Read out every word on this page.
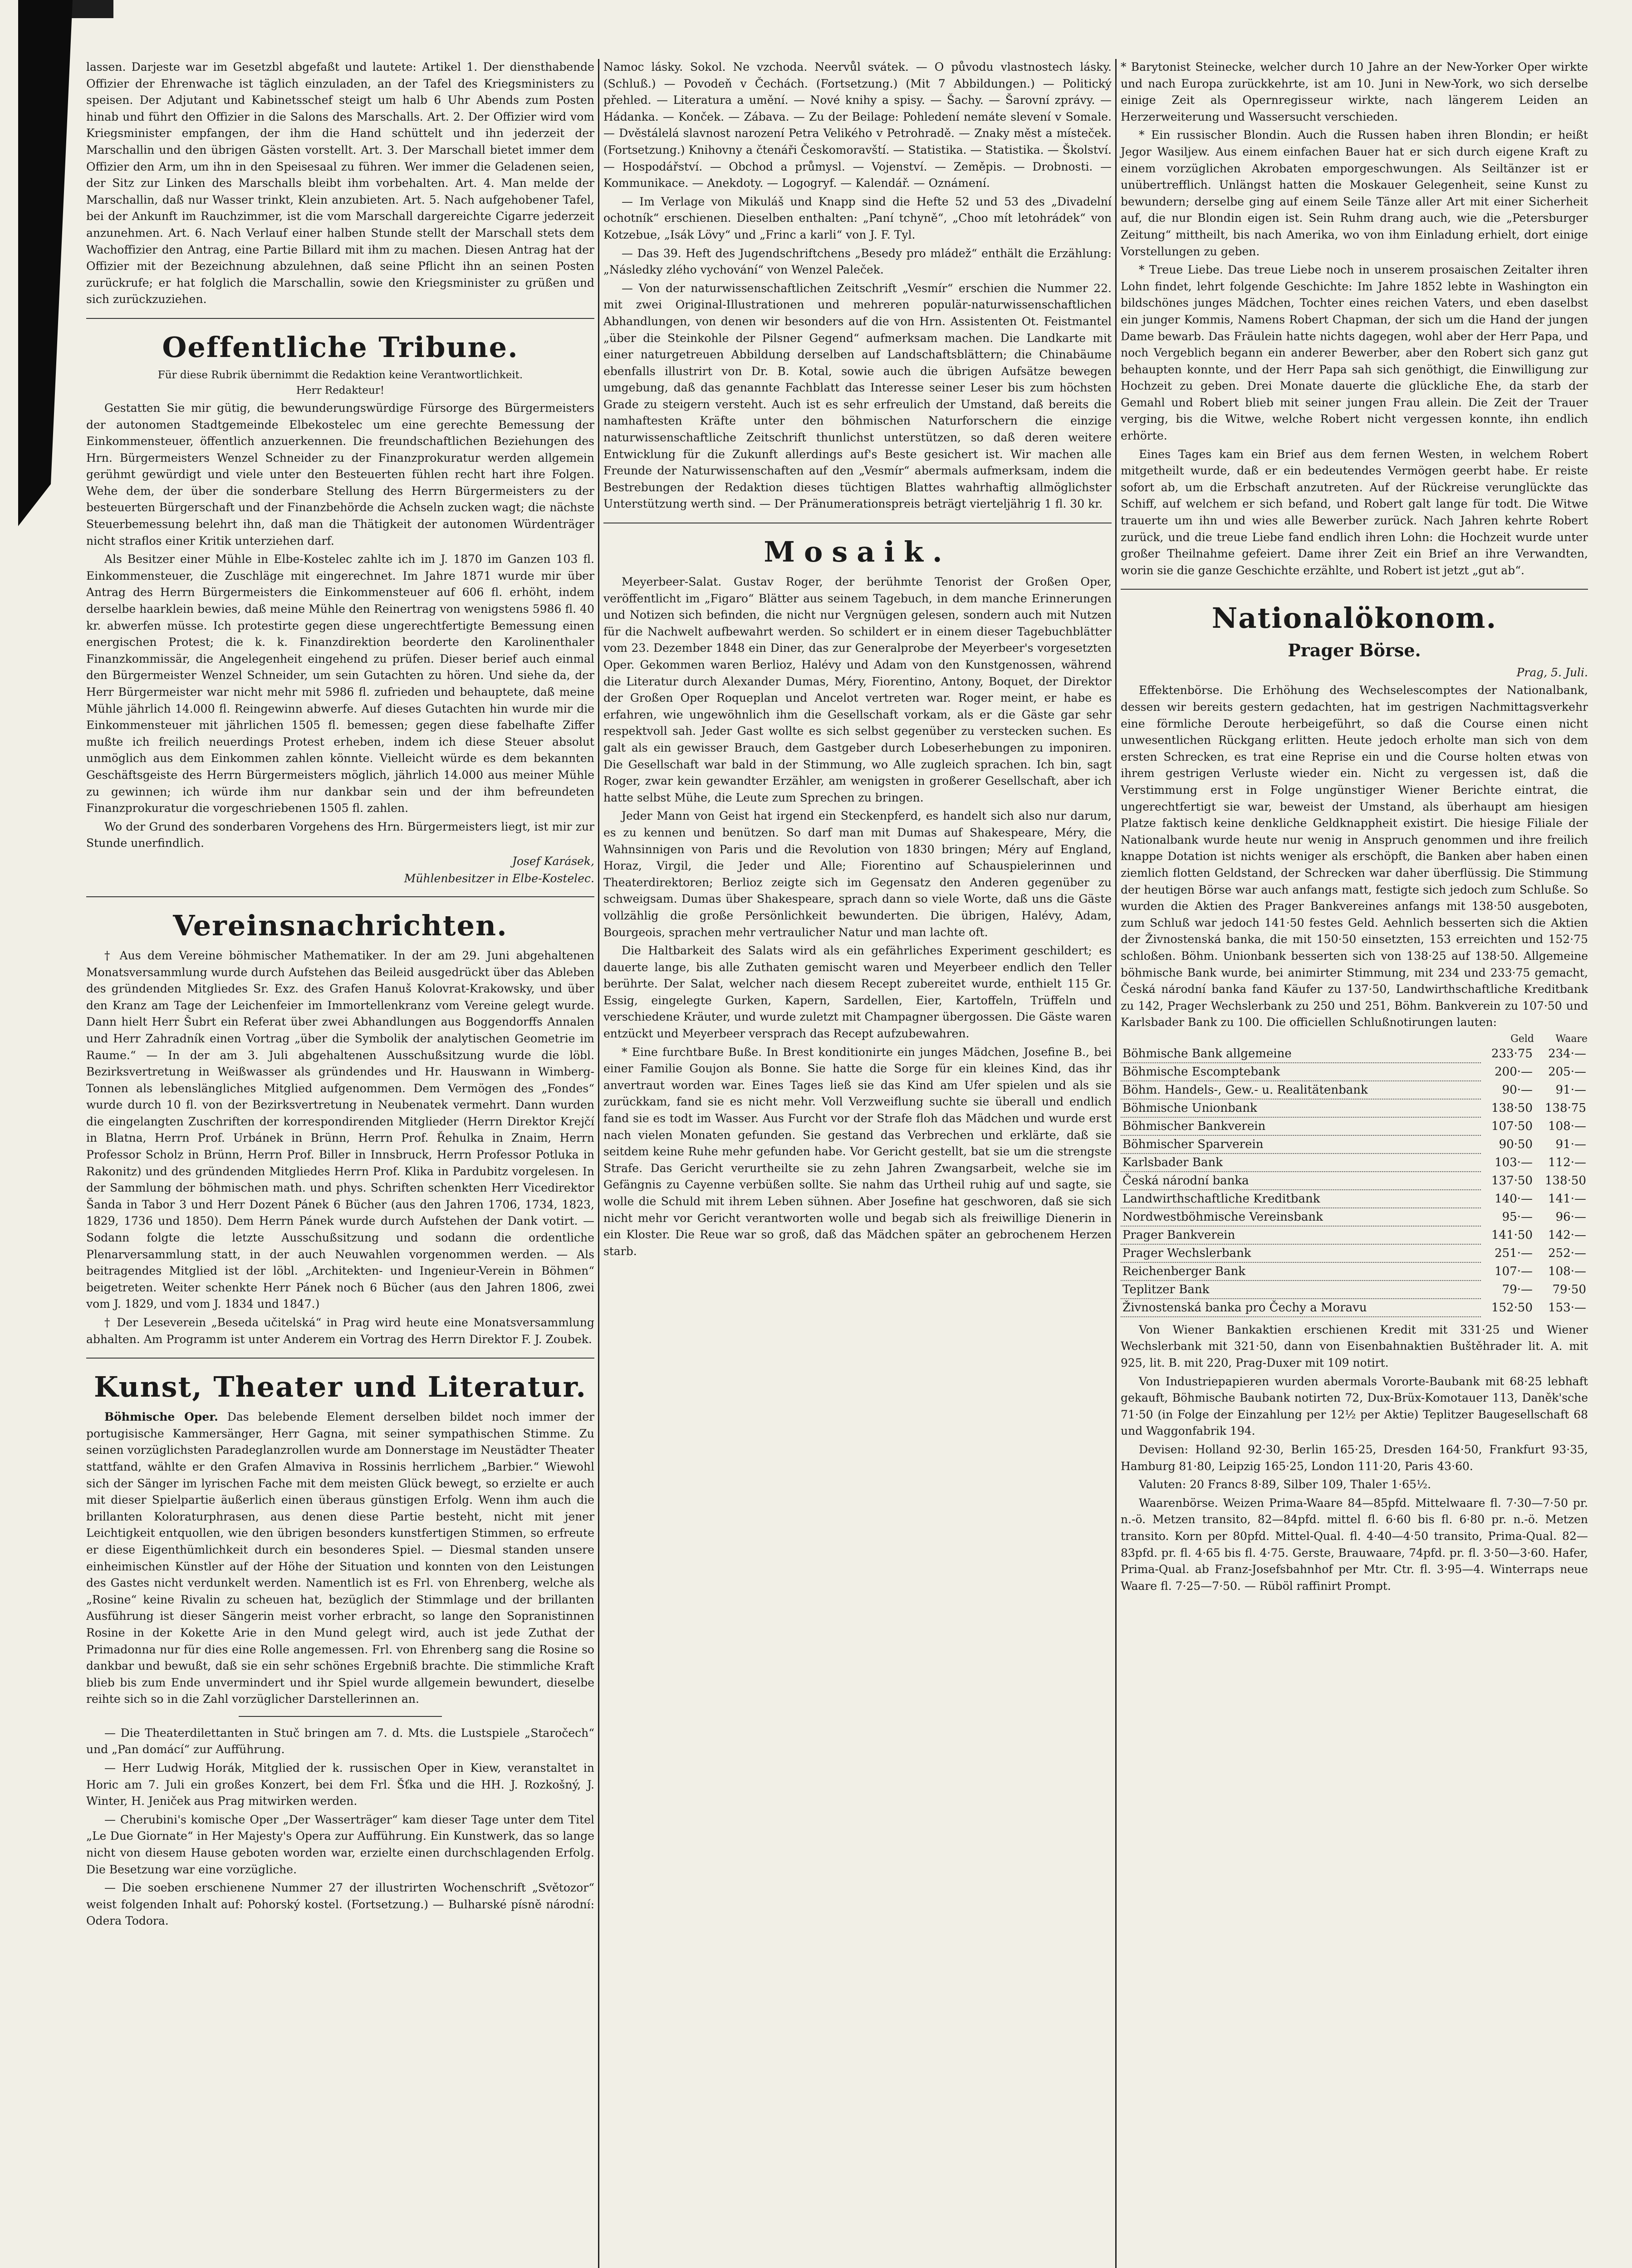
lassen. Darjeste war im Gesetzbl abgefaßt und lautete: Artikel 1. Der diensthabende Offizier der Ehrenwache ist täglich einzuladen, an der Tafel des Kriegsministers zu speisen. Der Adjutant und Kabinetsschef steigt um halb 6 Uhr Abends zum Posten hinab und führt den Offizier in die Salons des Marschalls. Art. 2. Der Offizier wird vom Kriegsminister empfangen, der ihm die Hand schüttelt und ihn jederzeit der Marschallin und den übrigen Gästen vorstellt. Art. 3. Der Marschall bietet immer dem Offizier den Arm, um ihn in den Speisesaal zu führen. Wer immer die Geladenen seien, der Sitz zur Linken des Marschalls bleibt ihm vorbehalten. Art. 4. Man melde der Marschallin, daß nur Wasser trinkt, Klein anzubieten. Art. 5. Nach aufgehobener Tafel, bei der Ankunft im Rauchzimmer, ist die vom Marschall dargereichte Cigarre jederzeit anzunehmen. Art. 6. Nach Verlauf einer halben Stunde stellt der Marschall stets dem Wachoffizier den Antrag, eine Partie Billard mit ihm zu machen. Diesen Antrag hat der Offizier mit der Bezeichnung abzulehnen, daß seine Pflicht ihn an seinen Posten zurückrufe; er hat folglich die Marschallin, sowie den Kriegsminister zu grüßen und sich zurückzuziehen.

Oeffentliche Tribune.
Für diese Rubrik übernimmt die Redaktion keine Verantwortlichkeit.
Herr Redakteur!

Gestatten Sie mir gütig, die bewunderungswürdige Fürsorge des Bürgermeisters der autonomen Stadtgemeinde Elbekostelec um eine gerechte Bemessung der Einkommensteuer, öffentlich anzuerkennen. Die freundschaftlichen Beziehungen des Hrn. Bürgermeisters Wenzel Schneider zu der Finanzprokuratur werden allgemein gerühmt gewürdigt und viele unter den Besteuerten fühlen recht hart ihre Folgen. Wehe dem, der über die sonderbare Stellung des Herrn Bürgermeisters zu der besteuerten Bürgerschaft und der Finanzbehörde die Achseln zucken wagt; die nächste Steuerbemessung belehrt ihn, daß man die Thätigkeit der autonomen Würdenträger nicht straflos einer Kritik unterziehen darf.

Als Besitzer einer Mühle in Elbe-Kostelec zahlte ich im J. 1870 im Ganzen 103 fl. Einkommensteuer, die Zuschläge mit eingerechnet. Im Jahre 1871 wurde mir über Antrag des Herrn Bürgermeisters die Einkommensteuer auf 606 fl. erhöht, indem derselbe haarklein bewies, daß meine Mühle den Reinertrag von wenigstens 5986 fl. 40 kr. abwerfen müsse. Ich protestirte gegen diese ungerechtfertigte Bemessung einen energischen Protest; die k. k. Finanzdirektion beorderte den Karolinenthaler Finanzkommissär, die Angelegenheit eingehend zu prüfen. Dieser berief auch einmal den Bürgermeister Wenzel Schneider, um sein Gutachten zu hören. Und siehe da, der Herr Bürgermeister war nicht mehr mit 5986 fl. zufrieden und behauptete, daß meine Mühle jährlich 14.000 fl. Reingewinn abwerfe. Auf dieses Gutachten hin wurde mir die Einkommensteuer mit jährlichen 1505 fl. bemessen; gegen diese fabelhafte Ziffer mußte ich freilich neuerdings Protest erheben, indem ich diese Steuer absolut unmöglich aus dem Einkommen zahlen könnte. Vielleicht würde es dem bekannten Geschäftsgeiste des Herrn Bürgermeisters möglich, jährlich 14.000 aus meiner Mühle zu gewinnen; ich würde ihm nur dankbar sein und der ihm befreundeten Finanzprokuratur die vorgeschriebenen 1505 fl. zahlen.

Wo der Grund des sonderbaren Vorgehens des Hrn. Bürgermeisters liegt, ist mir zur Stunde unerfindlich.

Josef Karásek,
Mühlenbesitzer in Elbe-Kostelec.
Vereinsnachrichten.

† Aus dem Vereine böhmischer Mathematiker. In der am 29. Juni abgehaltenen Monatsversammlung wurde durch Aufstehen das Beileid ausgedrückt über das Ableben des gründenden Mitgliedes Sr. Exz. des Grafen Hanuš Kolovrat-Krakowsky, und über den Kranz am Tage der Leichenfeier im Immortellenkranz vom Vereine gelegt wurde. Dann hielt Herr Šubrt ein Referat über zwei Abhandlungen aus Boggendorffs Annalen und Herr Zahradník einen Vortrag „über die Symbolik der analytischen Geometrie im Raume.“ — In der am 3. Juli abgehaltenen Ausschußsitzung wurde die löbl. Bezirksvertretung in Weißwasser als gründendes und Hr. Hauswann in Wimberg-Tonnen als lebenslängliches Mitglied aufgenommen. Dem Vermögen des „Fondes“ wurde durch 10 fl. von der Bezirksvertretung in Neubenatek vermehrt. Dann wurden die eingelangten Zuschriften der korrespondirenden Mitglieder (Herrn Direktor Krejčí in Blatna, Herrn Prof. Urbánek in Brünn, Herrn Prof. Řehulka in Znaim, Herrn Professor Scholz in Brünn, Herrn Prof. Biller in Innsbruck, Herrn Professor Potluka in Rakonitz) und des gründenden Mitgliedes Herrn Prof. Klika in Pardubitz vorgelesen. In der Sammlung der böhmischen math. und phys. Schriften schenkten Herr Vicedirektor Šanda in Tabor 3 und Herr Dozent Pánek 6 Bücher (aus den Jahren 1706, 1734, 1823, 1829, 1736 und 1850). Dem Herrn Pánek wurde durch Aufstehen der Dank votirt. — Sodann folgte die letzte Ausschußsitzung und sodann die ordentliche Plenarversammlung statt, in der auch Neuwahlen vorgenommen werden. — Als beitragendes Mitglied ist der löbl. „Architekten- und Ingenieur-Verein in Böhmen“ beigetreten. Weiter schenkte Herr Pánek noch 6 Bücher (aus den Jahren 1806, zwei vom J. 1829, und vom J. 1834 und 1847.)

† Der Leseverein „Beseda učitelská“ in Prag wird heute eine Monatsversammlung abhalten. Am Programm ist unter Anderem ein Vortrag des Herrn Direktor F. J. Zoubek.

Kunst, Theater und Literatur.

Böhmische Oper. Das belebende Element derselben bildet noch immer der portugisische Kammersänger, Herr Gagna, mit seiner sympathischen Stimme. Zu seinen vorzüglichsten Paradeglanzrollen wurde am Donnerstage im Neustädter Theater stattfand, wählte er den Grafen Almaviva in Rossinis herrlichem „Barbier.“ Wiewohl sich der Sänger im lyrischen Fache mit dem meisten Glück bewegt, so erzielte er auch mit dieser Spielpartie äußerlich einen überaus günstigen Erfolg. Wenn ihm auch die brillanten Koloraturphrasen, aus denen diese Partie besteht, nicht mit jener Leichtigkeit entquollen, wie den übrigen besonders kunstfertigen Stimmen, so erfreute er diese Eigenthümlichkeit durch ein besonderes Spiel. — Diesmal standen unsere einheimischen Künstler auf der Höhe der Situation und konnten von den Leistungen des Gastes nicht verdunkelt werden. Namentlich ist es Frl. von Ehrenberg, welche als „Rosine“ keine Rivalin zu scheuen hat, bezüglich der Stimmlage und der brillanten Ausführung ist dieser Sängerin meist vorher erbracht, so lange den Sopranistinnen Rosine in der Kokette Arie in den Mund gelegt wird, auch ist jede Zuthat der Primadonna nur für dies eine Rolle angemessen. Frl. von Ehrenberg sang die Rosine so dankbar und bewußt, daß sie ein sehr schönes Ergebniß brachte. Die stimmliche Kraft blieb bis zum Ende unvermindert und ihr Spiel wurde allgemein bewundert, dieselbe reihte sich so in die Zahl vorzüglicher Darstellerinnen an.

— Die Theaterdilettanten in Stuč bringen am 7. d. Mts. die Lustspiele „Staročech“ und „Pan domácí“ zur Aufführung.

— Herr Ludwig Horák, Mitglied der k. russischen Oper in Kiew, veranstaltet in Horic am 7. Juli ein großes Konzert, bei dem Frl. Šťka und die HH. J. Rozkošný, J. Winter, H. Jeniček aus Prag mitwirken werden.

— Cherubini's komische Oper „Der Wasserträger“ kam dieser Tage unter dem Titel „Le Due Giornate“ in Her Majesty's Opera zur Aufführung. Ein Kunstwerk, das so lange nicht von diesem Hause geboten worden war, erzielte einen durchschlagenden Erfolg. Die Besetzung war eine vorzügliche.

— Die soeben erschienene Nummer 27 der illustrirten Wochenschrift „Světozor“ weist folgenden Inhalt auf: Pohorský kostel. (Fortsetzung.) — Bulharské písně národní: Odera Todora.

Namoc lásky. Sokol. Ne vzchoda. Neervůl svátek. — O původu vlastnostech lásky. (Schluß.) — Povodeň v Čechách. (Fortsetzung.) (Mit 7 Abbildungen.) — Politický přehled. — Literatura a umění. — Nové knihy a spisy. — Šachy. — Šarovní zprávy. — Hádanka. — Konček. — Zábava. — Zu der Beilage: Pohledení nemáte slevení v Somale. — Dvěstálelá slavnost narození Petra Velikého v Petrohradě. — Znaky měst a místeček. (Fortsetzung.) Knihovny a čtenáři Českomoravští. — Statistika. — Statistika. — Školství. — Hospodářství. — Obchod a průmysl. — Vojenství. — Zeměpis. — Drobnosti. — Kommunikace. — Anekdoty. — Logogryf. — Kalendář. — Oznámení.

— Im Verlage von Mikuláš und Knapp sind die Hefte 52 und 53 des „Divadelní ochotník“ erschienen. Dieselben enthalten: „Paní tchyně“, „Choo mít letohrádek“ von Kotzebue, „Isák Lövy“ und „Frinc a karli“ von J. F. Tyl.

— Das 39. Heft des Jugendschriftchens „Besedy pro mládež“ enthält die Erzählung: „Následky zlého vychování“ von Wenzel Paleček.

— Von der naturwissenschaftlichen Zeitschrift „Vesmír“ erschien die Nummer 22. mit zwei Original-Illustrationen und mehreren populär-naturwissenschaftlichen Abhandlungen, von denen wir besonders auf die von Hrn. Assistenten Ot. Feistmantel „über die Steinkohle der Pilsner Gegend“ aufmerksam machen. Die Landkarte mit einer naturgetreuen Abbildung derselben auf Landschaftsblättern; die Chinabäume ebenfalls illustrirt von Dr. B. Kotal, sowie auch die übrigen Aufsätze bewegen umgebung, daß das genannte Fachblatt das Interesse seiner Leser bis zum höchsten Grade zu steigern versteht. Auch ist es sehr erfreulich der Umstand, daß bereits die namhaftesten Kräfte unter den böhmischen Naturforschern die einzige naturwissenschaftliche Zeitschrift thunlichst unterstützen, so daß deren weitere Entwicklung für die Zukunft allerdings auf's Beste gesichert ist. Wir machen alle Freunde der Naturwissenschaften auf den „Vesmír“ abermals aufmerksam, indem die Bestrebungen der Redaktion dieses tüchtigen Blattes wahrhaftig allmöglichster Unterstützung werth sind. — Der Pränumerationspreis beträgt vierteljährig 1 fl. 30 kr.

Mosaik.

Meyerbeer-Salat. Gustav Roger, der berühmte Tenorist der Großen Oper, veröffentlicht im „Figaro“ Blätter aus seinem Tagebuch, in dem manche Erinnerungen und Notizen sich befinden, die nicht nur Vergnügen gelesen, sondern auch mit Nutzen für die Nachwelt aufbewahrt werden. So schildert er in einem dieser Tagebuchblätter vom 23. Dezember 1848 ein Diner, das zur Generalprobe der Meyerbeer's vorgesetzten Oper. Gekommen waren Berlioz, Halévy und Adam von den Kunstgenossen, während die Literatur durch Alexander Dumas, Méry, Fiorentino, Antony, Boquet, der Direktor der Großen Oper Roqueplan und Ancelot vertreten war. Roger meint, er habe es erfahren, wie ungewöhnlich ihm die Gesellschaft vorkam, als er die Gäste gar sehr respektvoll sah. Jeder Gast wollte es sich selbst gegenüber zu verstecken suchen. Es galt als ein gewisser Brauch, dem Gastgeber durch Lobeserhebungen zu imponiren. Die Gesellschaft war bald in der Stimmung, wo Alle zugleich sprachen. Ich bin, sagt Roger, zwar kein gewandter Erzähler, am wenigsten in großerer Gesellschaft, aber ich hatte selbst Mühe, die Leute zum Sprechen zu bringen.

Jeder Mann von Geist hat irgend ein Steckenpferd, es handelt sich also nur darum, es zu kennen und benützen. So darf man mit Dumas auf Shakespeare, Méry, die Wahnsinnigen von Paris und die Revolution von 1830 bringen; Méry auf England, Horaz, Virgil, die Jeder und Alle; Fiorentino auf Schauspielerinnen und Theaterdirektoren; Berlioz zeigte sich im Gegensatz den Anderen gegenüber zu schweigsam. Dumas über Shakespeare, sprach dann so viele Worte, daß uns die Gäste vollzählig die große Persönlichkeit bewunderten. Die übrigen, Halévy, Adam, Bourgeois, sprachen mehr vertraulicher Natur und man lachte oft.

Die Haltbarkeit des Salats wird als ein gefährliches Experiment geschildert; es dauerte lange, bis alle Zuthaten gemischt waren und Meyerbeer endlich den Teller berührte. Der Salat, welcher nach diesem Recept zubereitet wurde, enthielt 115 Gr. Essig, eingelegte Gurken, Kapern, Sardellen, Eier, Kartoffeln, Trüffeln und verschiedene Kräuter, und wurde zuletzt mit Champagner übergossen. Die Gäste waren entzückt und Meyerbeer versprach das Recept aufzubewahren.

* Eine furchtbare Buße. In Brest konditionirte ein junges Mädchen, Josefine B., bei einer Familie Goujon als Bonne. Sie hatte die Sorge für ein kleines Kind, das ihr anvertraut worden war. Eines Tages ließ sie das Kind am Ufer spielen und als sie zurückkam, fand sie es nicht mehr. Voll Verzweiflung suchte sie überall und endlich fand sie es todt im Wasser. Aus Furcht vor der Strafe floh das Mädchen und wurde erst nach vielen Monaten gefunden. Sie gestand das Verbrechen und erklärte, daß sie seitdem keine Ruhe mehr gefunden habe. Vor Gericht gestellt, bat sie um die strengste Strafe. Das Gericht verurtheilte sie zu zehn Jahren Zwangsarbeit, welche sie im Gefängnis zu Cayenne verbüßen sollte. Sie nahm das Urtheil ruhig auf und sagte, sie wolle die Schuld mit ihrem Leben sühnen. Aber Josefine hat geschworen, daß sie sich nicht mehr vor Gericht verantworten wolle und begab sich als freiwillige Dienerin in ein Kloster. Die Reue war so groß, daß das Mädchen später an gebrochenem Herzen starb.

* Barytonist Steinecke, welcher durch 10 Jahre an der New-Yorker Oper wirkte und nach Europa zurückkehrte, ist am 10. Juni in New-York, wo sich derselbe einige Zeit als Opernregisseur wirkte, nach längerem Leiden an Herzerweiterung und Wassersucht verschieden.

* Ein russischer Blondin. Auch die Russen haben ihren Blondin; er heißt Jegor Wasiljew. Aus einem einfachen Bauer hat er sich durch eigene Kraft zu einem vorzüglichen Akrobaten emporgeschwungen. Als Seiltänzer ist er unübertrefflich. Unlängst hatten die Moskauer Gelegenheit, seine Kunst zu bewundern; derselbe ging auf einem Seile Tänze aller Art mit einer Sicherheit auf, die nur Blondin eigen ist. Sein Ruhm drang auch, wie die „Petersburger Zeitung“ mittheilt, bis nach Amerika, wo von ihm Einladung erhielt, dort einige Vorstellungen zu geben.

* Treue Liebe. Das treue Liebe noch in unserem prosaischen Zeitalter ihren Lohn findet, lehrt folgende Geschichte: Im Jahre 1852 lebte in Washington ein bildschönes junges Mädchen, Tochter eines reichen Vaters, und eben daselbst ein junger Kommis, Namens Robert Chapman, der sich um die Hand der jungen Dame bewarb. Das Fräulein hatte nichts dagegen, wohl aber der Herr Papa, und noch Vergeblich begann ein anderer Bewerber, aber den Robert sich ganz gut behaupten konnte, und der Herr Papa sah sich genöthigt, die Einwilligung zur Hochzeit zu geben. Drei Monate dauerte die glückliche Ehe, da starb der Gemahl und Robert blieb mit seiner jungen Frau allein. Die Zeit der Trauer verging, bis die Witwe, welche Robert nicht vergessen konnte, ihn endlich erhörte.

Eines Tages kam ein Brief aus dem fernen Westen, in welchem Robert mitgetheilt wurde, daß er ein bedeutendes Vermögen geerbt habe. Er reiste sofort ab, um die Erbschaft anzutreten. Auf der Rückreise verunglückte das Schiff, auf welchem er sich befand, und Robert galt lange für todt. Die Witwe trauerte um ihn und wies alle Bewerber zurück. Nach Jahren kehrte Robert zurück, und die treue Liebe fand endlich ihren Lohn: die Hochzeit wurde unter großer Theilnahme gefeiert. Dame ihrer Zeit ein Brief an ihre Verwandten, worin sie die ganze Geschichte erzählte, und Robert ist jetzt „gut ab“.

Nationalökonom.
Prager Börse.
Prag, 5. Juli.

Effektenbörse. Die Erhöhung des Wechselescomptes der Nationalbank, dessen wir bereits gestern gedachten, hat im gestrigen Nachmittagsverkehr eine förmliche Deroute herbeigeführt, so daß die Course einen nicht unwesentlichen Rückgang erlitten. Heute jedoch erholte man sich von dem ersten Schrecken, es trat eine Reprise ein und die Course holten etwas von ihrem gestrigen Verluste wieder ein. Nicht zu vergessen ist, daß die Verstimmung erst in Folge ungünstiger Wiener Berichte eintrat, die ungerechtfertigt sie war, beweist der Umstand, als überhaupt am hiesigen Platze faktisch keine denkliche Geldknappheit existirt. Die hiesige Filiale der Nationalbank wurde heute nur wenig in Anspruch genommen und ihre freilich knappe Dotation ist nichts weniger als erschöpft, die Banken aber haben einen ziemlich flotten Geldstand, der Schrecken war daher überflüssig. Die Stimmung der heutigen Börse war auch anfangs matt, festigte sich jedoch zum Schluße. So wurden die Aktien des Prager Bankvereines anfangs mit 138·50 ausgeboten, zum Schluß war jedoch 141·50 festes Geld. Aehnlich besserten sich die Aktien der Živnostenská banka, die mit 150·50 einsetzten, 153 erreichten und 152·75 schloßen. Böhm. Unionbank besserten sich von 138·25 auf 138·50. Allgemeine böhmische Bank wurde, bei animirter Stimmung, mit 234 und 233·75 gemacht, Česká národní banka fand Käufer zu 137·50, Landwirthschaftliche Kreditbank zu 142, Prager Wechslerbank zu 250 und 251, Böhm. Bankverein zu 107·50 und Karlsbader Bank zu 100. Die officiellen Schlußnotirungen lauten:

	Geld	Waare
Böhmische Bank allgemeine	233·75	234·—
Böhmische Escomptebank	200·—	205·—
Böhm. Handels-, Gew.- u. Realitätenbank	90·—	91·—
Böhmische Unionbank	138·50	138·75
Böhmischer Bankverein	107·50	108·—
Böhmischer Sparverein	90·50	91·—
Karlsbader Bank	103·—	112·—
Česká národní banka	137·50	138·50
Landwirthschaftliche Kreditbank	140·—	141·—
Nordwestböhmische Vereinsbank	95·—	96·—
Prager Bankverein	141·50	142·—
Prager Wechslerbank	251·—	252·—
Reichenberger Bank	107·—	108·—
Teplitzer Bank	79·—	79·50
Živnostenská banka pro Čechy a Moravu	152·50	153·—

Von Wiener Bankaktien erschienen Kredit mit 331·25 und Wiener Wechslerbank mit 321·50, dann von Eisenbahnaktien Buštěhrader lit. A. mit 925, lit. B. mit 220, Prag-Duxer mit 109 notirt.

Von Industriepapieren wurden abermals Vororte-Baubank mit 68·25 lebhaft gekauft, Böhmische Baubank notirten 72, Dux-Brüx-Komotauer 113, Daněk'sche 71·50 (in Folge der Einzahlung per 12½ per Aktie) Teplitzer Baugesellschaft 68 und Waggonfabrik 194.

Devisen: Holland 92·30, Berlin 165·25, Dresden 164·50, Frankfurt 93·35, Hamburg 81·80, Leipzig 165·25, London 111·20, Paris 43·60.

Valuten: 20 Francs 8·89, Silber 109, Thaler 1·65½.

Waarenbörse. Weizen Prima-Waare 84—85pfd. Mittelwaare fl. 7·30—7·50 pr. n.-ö. Metzen transito, 82—84pfd. mittel fl. 6·60 bis fl. 6·80 pr. n.-ö. Metzen transito. Korn per 80pfd. Mittel-Qual. fl. 4·40—4·50 transito, Prima-Qual. 82—83pfd. pr. fl. 4·65 bis fl. 4·75. Gerste, Brauwaare, 74pfd. pr. fl. 3·50—3·60. Hafer, Prima-Qual. ab Franz-Josefsbahnhof per Mtr. Ctr. fl. 3·95—4. Winterraps neue Waare fl. 7·25—7·50. — Rüböl raffinirt Prompt.
